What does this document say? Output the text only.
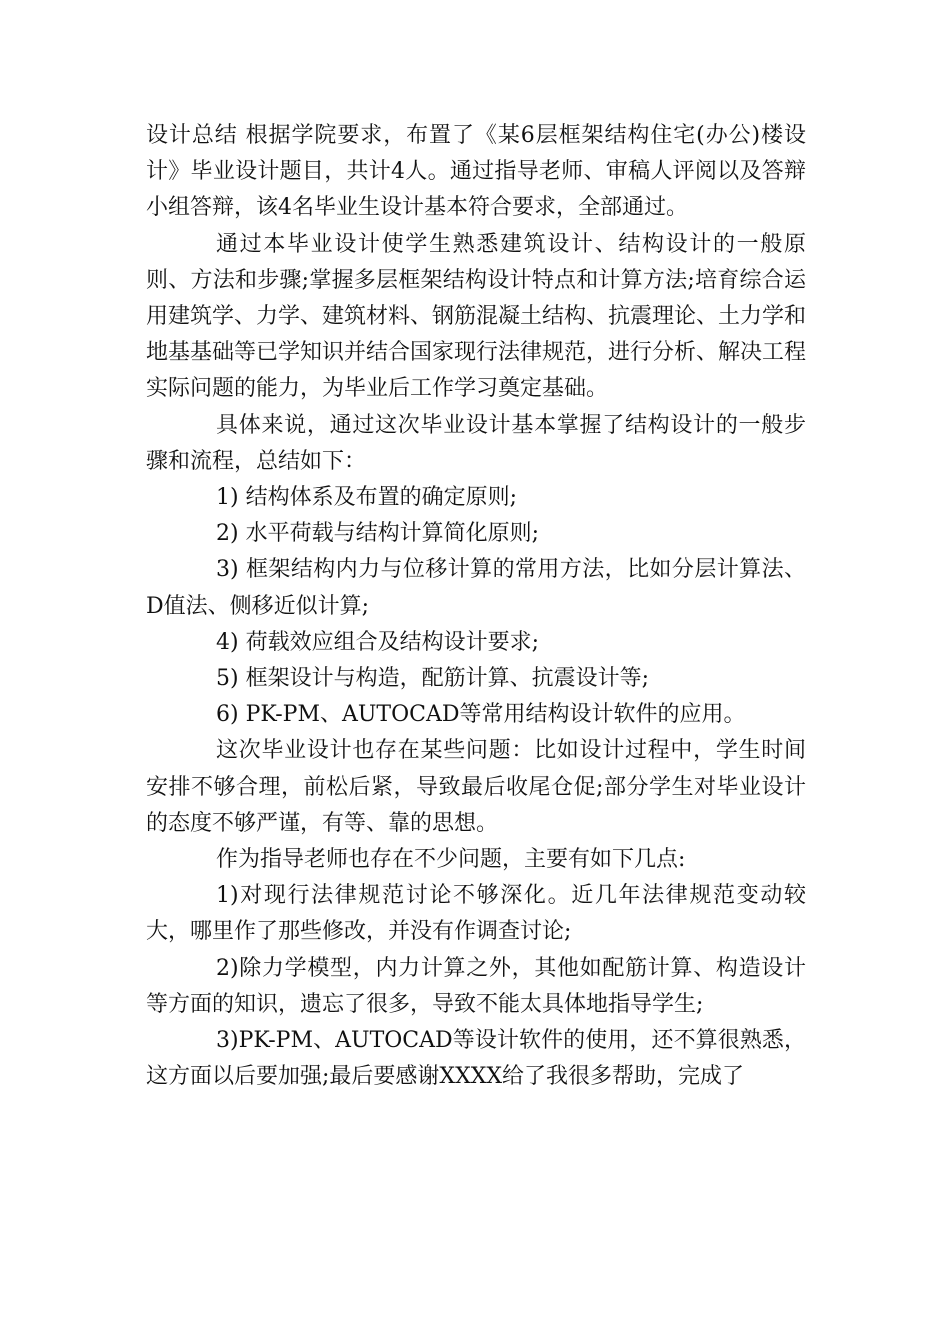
设计总结 根据学院要求，布置了《某6层框架结构住宅(办公)楼设计》毕业设计题目，共计4人。通过指导老师、审稿人评阅以及答辩小组答辩，该4名毕业生设计基本符合要求，全部通过。

通过本毕业设计使学生熟悉建筑设计、结构设计的一般原则、方法和步骤;掌握多层框架结构设计特点和计算方法;培育综合运用建筑学、力学、建筑材料、钢筋混凝土结构、抗震理论、土力学和地基基础等已学知识并结合国家现行法律规范，进行分析、解决工程实际问题的能力，为毕业后工作学习奠定基础。

具体来说，通过这次毕业设计基本掌握了结构设计的一般步骤和流程，总结如下：

1) 结构体系及布置的确定原则;

2) 水平荷载与结构计算简化原则;

3) 框架结构内力与位移计算的常用方法，比如分层计算法、D值法、侧移近似计算;

4) 荷载效应组合及结构设计要求;

5) 框架设计与构造，配筋计算、抗震设计等;

6) PK-PM、AUTOCAD等常用结构设计软件的应用。

这次毕业设计也存在某些问题：比如设计过程中，学生时间安排不够合理，前松后紧，导致最后收尾仓促;部分学生对毕业设计的态度不够严谨，有等、靠的思想。

作为指导老师也存在不少问题，主要有如下几点:

1)对现行法律规范讨论不够深化。近几年法律规范变动较大，哪里作了那些修改，并没有作调查讨论;

2)除力学模型，内力计算之外，其他如配筋计算、构造设计等方面的知识，遗忘了很多，导致不能太具体地指导学生;

3)PK-PM、AUTOCAD等设计软件的使用，还不算很熟悉，这方面以后要加强;最后要感谢XXXX给了我很多帮助，完成了
